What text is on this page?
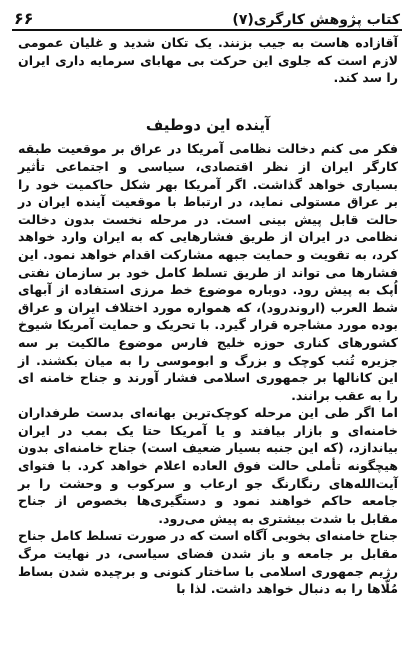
کتاب پژوهش کارگری(۷)
۶۶

آقازاده هاست به جیب بزنند. یک تکان شدید و غلیان عمومی لازم است که جلوی این حرکت بی مهابای سرمایه داری ایران را سد کند.

آینده این دوطیف

فکر می کنم دخالت نظامی آمریکا در عراق بر موقعیت طبقه کارگر ایران از نظر اقتصادی، سیاسی و اجتماعی تأثیر بسیاری خواهد گذاشت. اگر آمریکا بهر شکل حاکمیت خود را بر عراق مستولی نماید، در ارتباط با موقعیت آینده ایران در حالت قابل پیش بینی است. در مرحله نخست بدون دخالت نظامی در ایران از طریق فشارهایی که به ایران وارد خواهد کرد، به تقویت و حمایت جبهه مشارکت اقدام خواهد نمود. این فشارها می تواند از طریق تسلط کامل خود بر سازمان نفتی اُپک به پیش رود. دوباره موضوع خط مرزی استفاده از آبهای شط العرب (اروندرود)، که همواره مورد اختلاف ایران و عراق بوده مورد مشاجره قرار گیرد. با تحریک و حمایت آمریکا شیوخ کشورهای کناری حوزه خلیج فارس موضوع مالکیت بر سه جزیره تُنب کوچک و بزرگ و ابوموسی را به میان بکشند. از این کانالها بر جمهوری اسلامی فشار آورند و جناح خامنه ای را به عقب برانند.

اما اگر طی این مرحله کوچک‌ترین بهانه‌ای بدست طرفداران خامنه‌ای و بازار بیافتد و یا آمریکا حتا یک بمب در ایران بیاندازد، (که این جنبه بسیار ضعیف است) جناح خامنه‌ای بدون هیچگونه تأملی حالت فوق العاده اعلام خواهد کرد. با فتوای آیت‌الله‌های رنگارنگ جو ارعاب و سرکوب و وحشت را بر جامعه حاکم خواهند نمود و دستگیری‌ها بخصوص از جناح مقابل با شدت بیشتری به پیش می‌رود.

جناح خامنه‌ای بخوبی آگاه است که در صورت تسلط کامل جناح مقابل بر جامعه و باز شدن فضای سیاسی، در نهایت مرگ رژیم جمهوری اسلامی با ساختار کنونی و برچیده شدن بساط مُلّاها را به دنبال خواهد داشت. لذا با
